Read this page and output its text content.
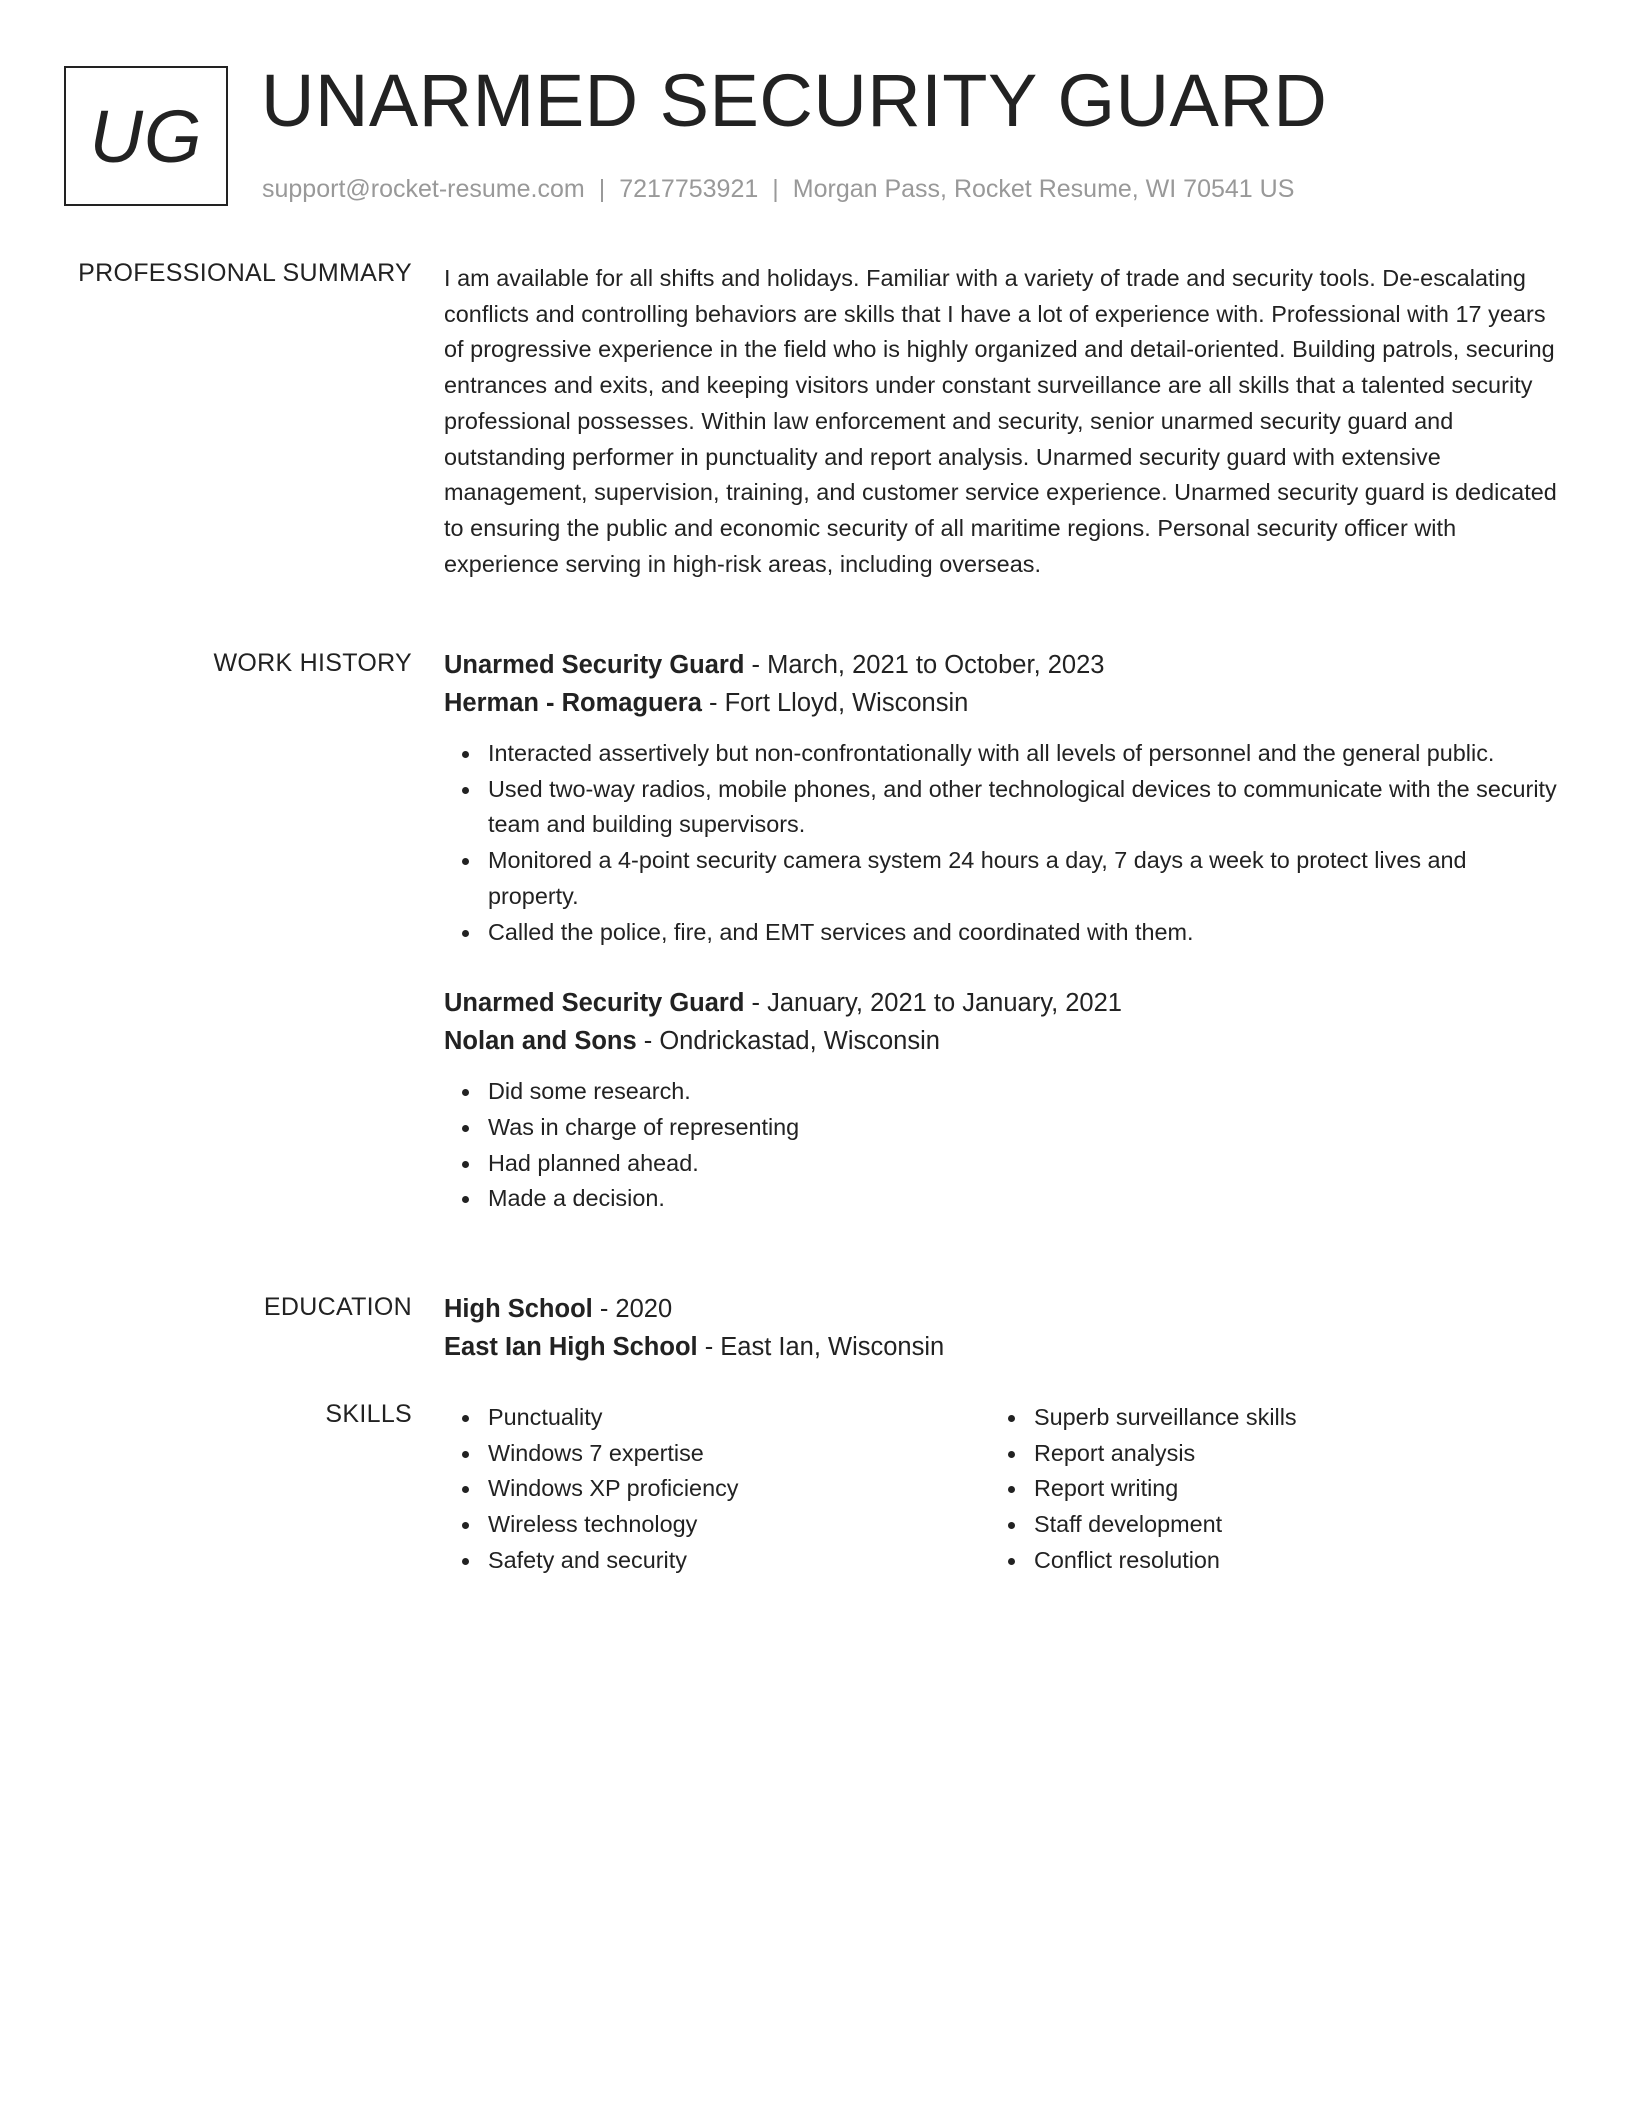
UG UNARMED SECURITY GUARD
support@rocket-resume.com | 7217753921 | Morgan Pass, Rocket Resume, WI 70541 US
PROFESSIONAL SUMMARY I am available for all shifts and holidays. Familiar with a variety of trade and security tools. De-escalating conflicts and controlling behaviors are skills that I have a lot of experience with. Professional with 17 years of progressive experience in the field who is highly organized and detail-oriented. Building patrols, securing entrances and exits, and keeping visitors under constant surveillance are all skills that a talented security professional possesses. Within law enforcement and security, senior unarmed security guard and outstanding performer in punctuality and report analysis. Unarmed security guard with extensive management, supervision, training, and customer service experience. Unarmed security guard is dedicated to ensuring the public and economic security of all maritime regions. Personal security officer with experience serving in high-risk areas, including overseas.

WORK HISTORY Unarmed Security Guard - March, 2021 to October, 2023
Herman - Romaguera - Fort Lloyd, Wisconsin
Interacted assertively but non-confrontationally with all levels of personnel and the general public.
Used two-way radios, mobile phones, and other technological devices to communicate with the security team and building supervisors.
Monitored a 4-point security camera system 24 hours a day, 7 days a week to protect lives and property.
Called the police, fire, and EMT services and coordinated with them.
Unarmed Security Guard - January, 2021 to January, 2021
Nolan and Sons - Ondrickastad, Wisconsin
Did some research.
Was in charge of representing
Had planned ahead.
Made a decision.
EDUCATION High School - 2020
East Ian High School - East Ian, Wisconsin
SKILLS	Punctuality
Windows 7 expertise
Windows XP proficiency
Wireless technology
Safety and security
Superb surveillance skills
Report analysis
Report writing
Staff development
Conflict resolution
